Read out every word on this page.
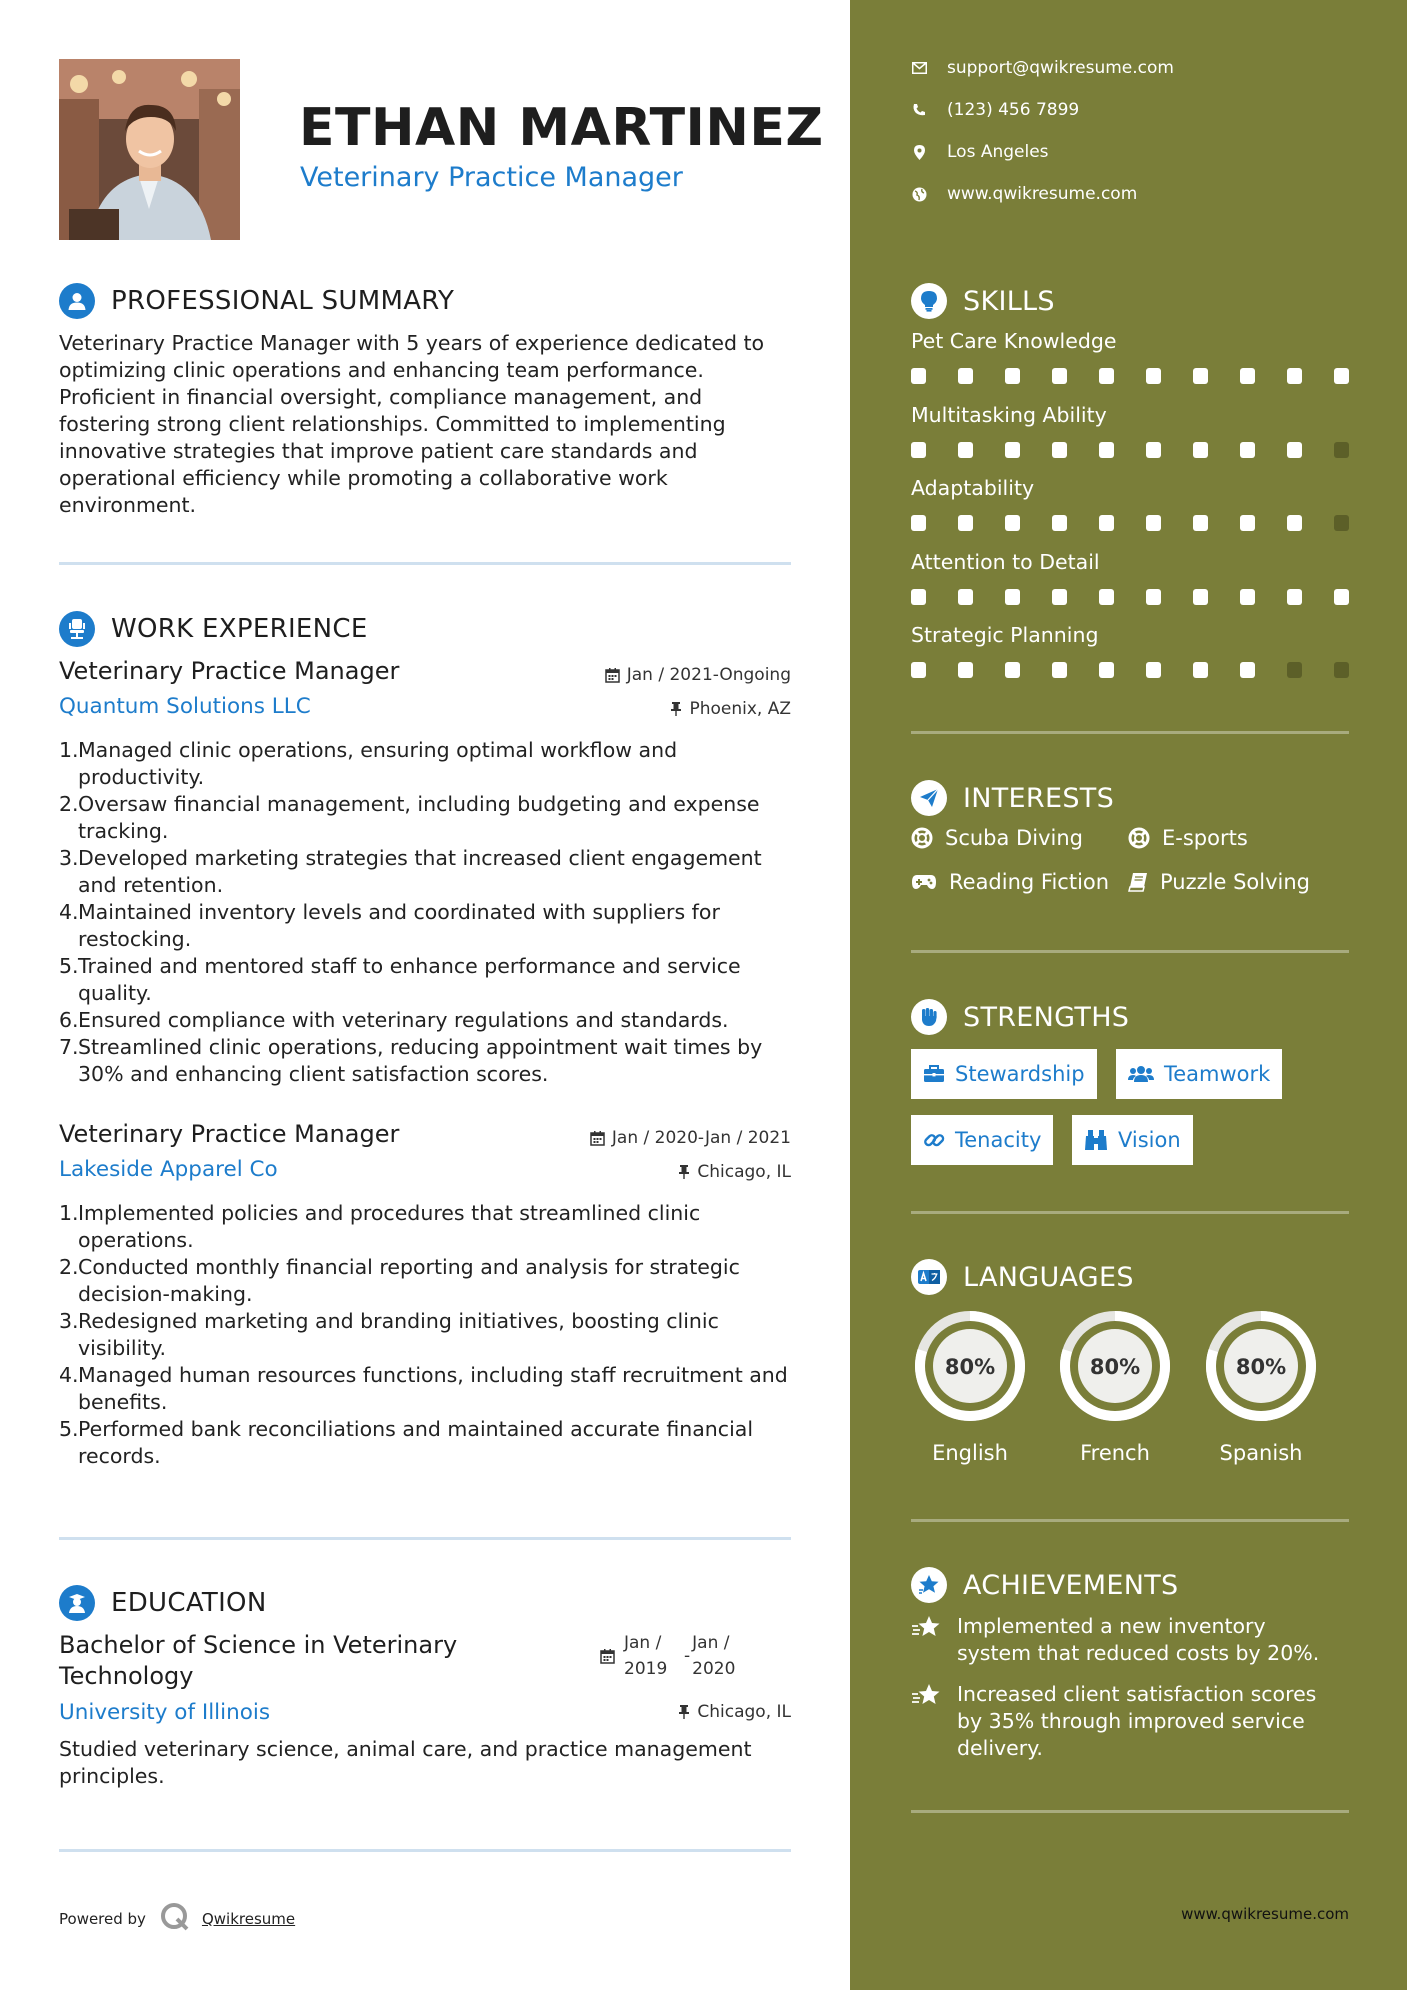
ETHAN MARTINEZ
Veterinary Practice Manager
PROFESSIONAL SUMMARY
Veterinary Practice Manager with 5 years of experience dedicated to optimizing clinic operations and enhancing team performance. Proficient in financial oversight, compliance management, and fostering strong client relationships. Committed to implementing innovative strategies that improve patient care standards and operational efficiency while promoting a collaborative work environment.
WORK EXPERIENCE
Veterinary Practice Manager
Quantum Solutions LLC
Jan / 2021-Ongoing
Phoenix, AZ
1. Managed clinic operations, ensuring optimal workflow and productivity.
2. Oversaw financial management, including budgeting and expense tracking.
3. Developed marketing strategies that increased client engagement and retention.
4. Maintained inventory levels and coordinated with suppliers for restocking.
5. Trained and mentored staff to enhance performance and service quality.
6. Ensured compliance with veterinary regulations and standards.
7. Streamlined clinic operations, reducing appointment wait times by 30% and enhancing client satisfaction scores.
Veterinary Practice Manager
Lakeside Apparel Co
Jan / 2020-Jan / 2021
Chicago, IL
1. Implemented policies and procedures that streamlined clinic operations.
2. Conducted monthly financial reporting and analysis for strategic decision-making.
3. Redesigned marketing and branding initiatives, boosting clinic visibility.
4. Managed human resources functions, including staff recruitment and benefits.
5. Performed bank reconciliations and maintained accurate financial records.
EDUCATION
Bachelor of Science in Veterinary
Technology
University of Illinois
Jan /
2019
-
Jan /
2020
Chicago, IL
Studied veterinary science, animal care, and practice management principles.
Powered by	Qwikresume
support@qwikresume.com
(123) 456 7899
Los Angeles
www.qwikresume.com
SKILLS
Pet Care Knowledge
Multitasking Ability
Adaptability
Attention to Detail
Strategic Planning
INTERESTS
Scuba Diving	E-sports
Reading Fiction Puzzle Solving
STRENGTHS
Stewardship	Teamwork
Tenacity	Vision
LANGUAGES
80%	80%	80%
English	French	Spanish
ACHIEVEMENTS
Implemented a new inventory system that reduced costs by 20%.
Increased client satisfaction scores by 35% through improved service delivery.
www.qwikresume.com
